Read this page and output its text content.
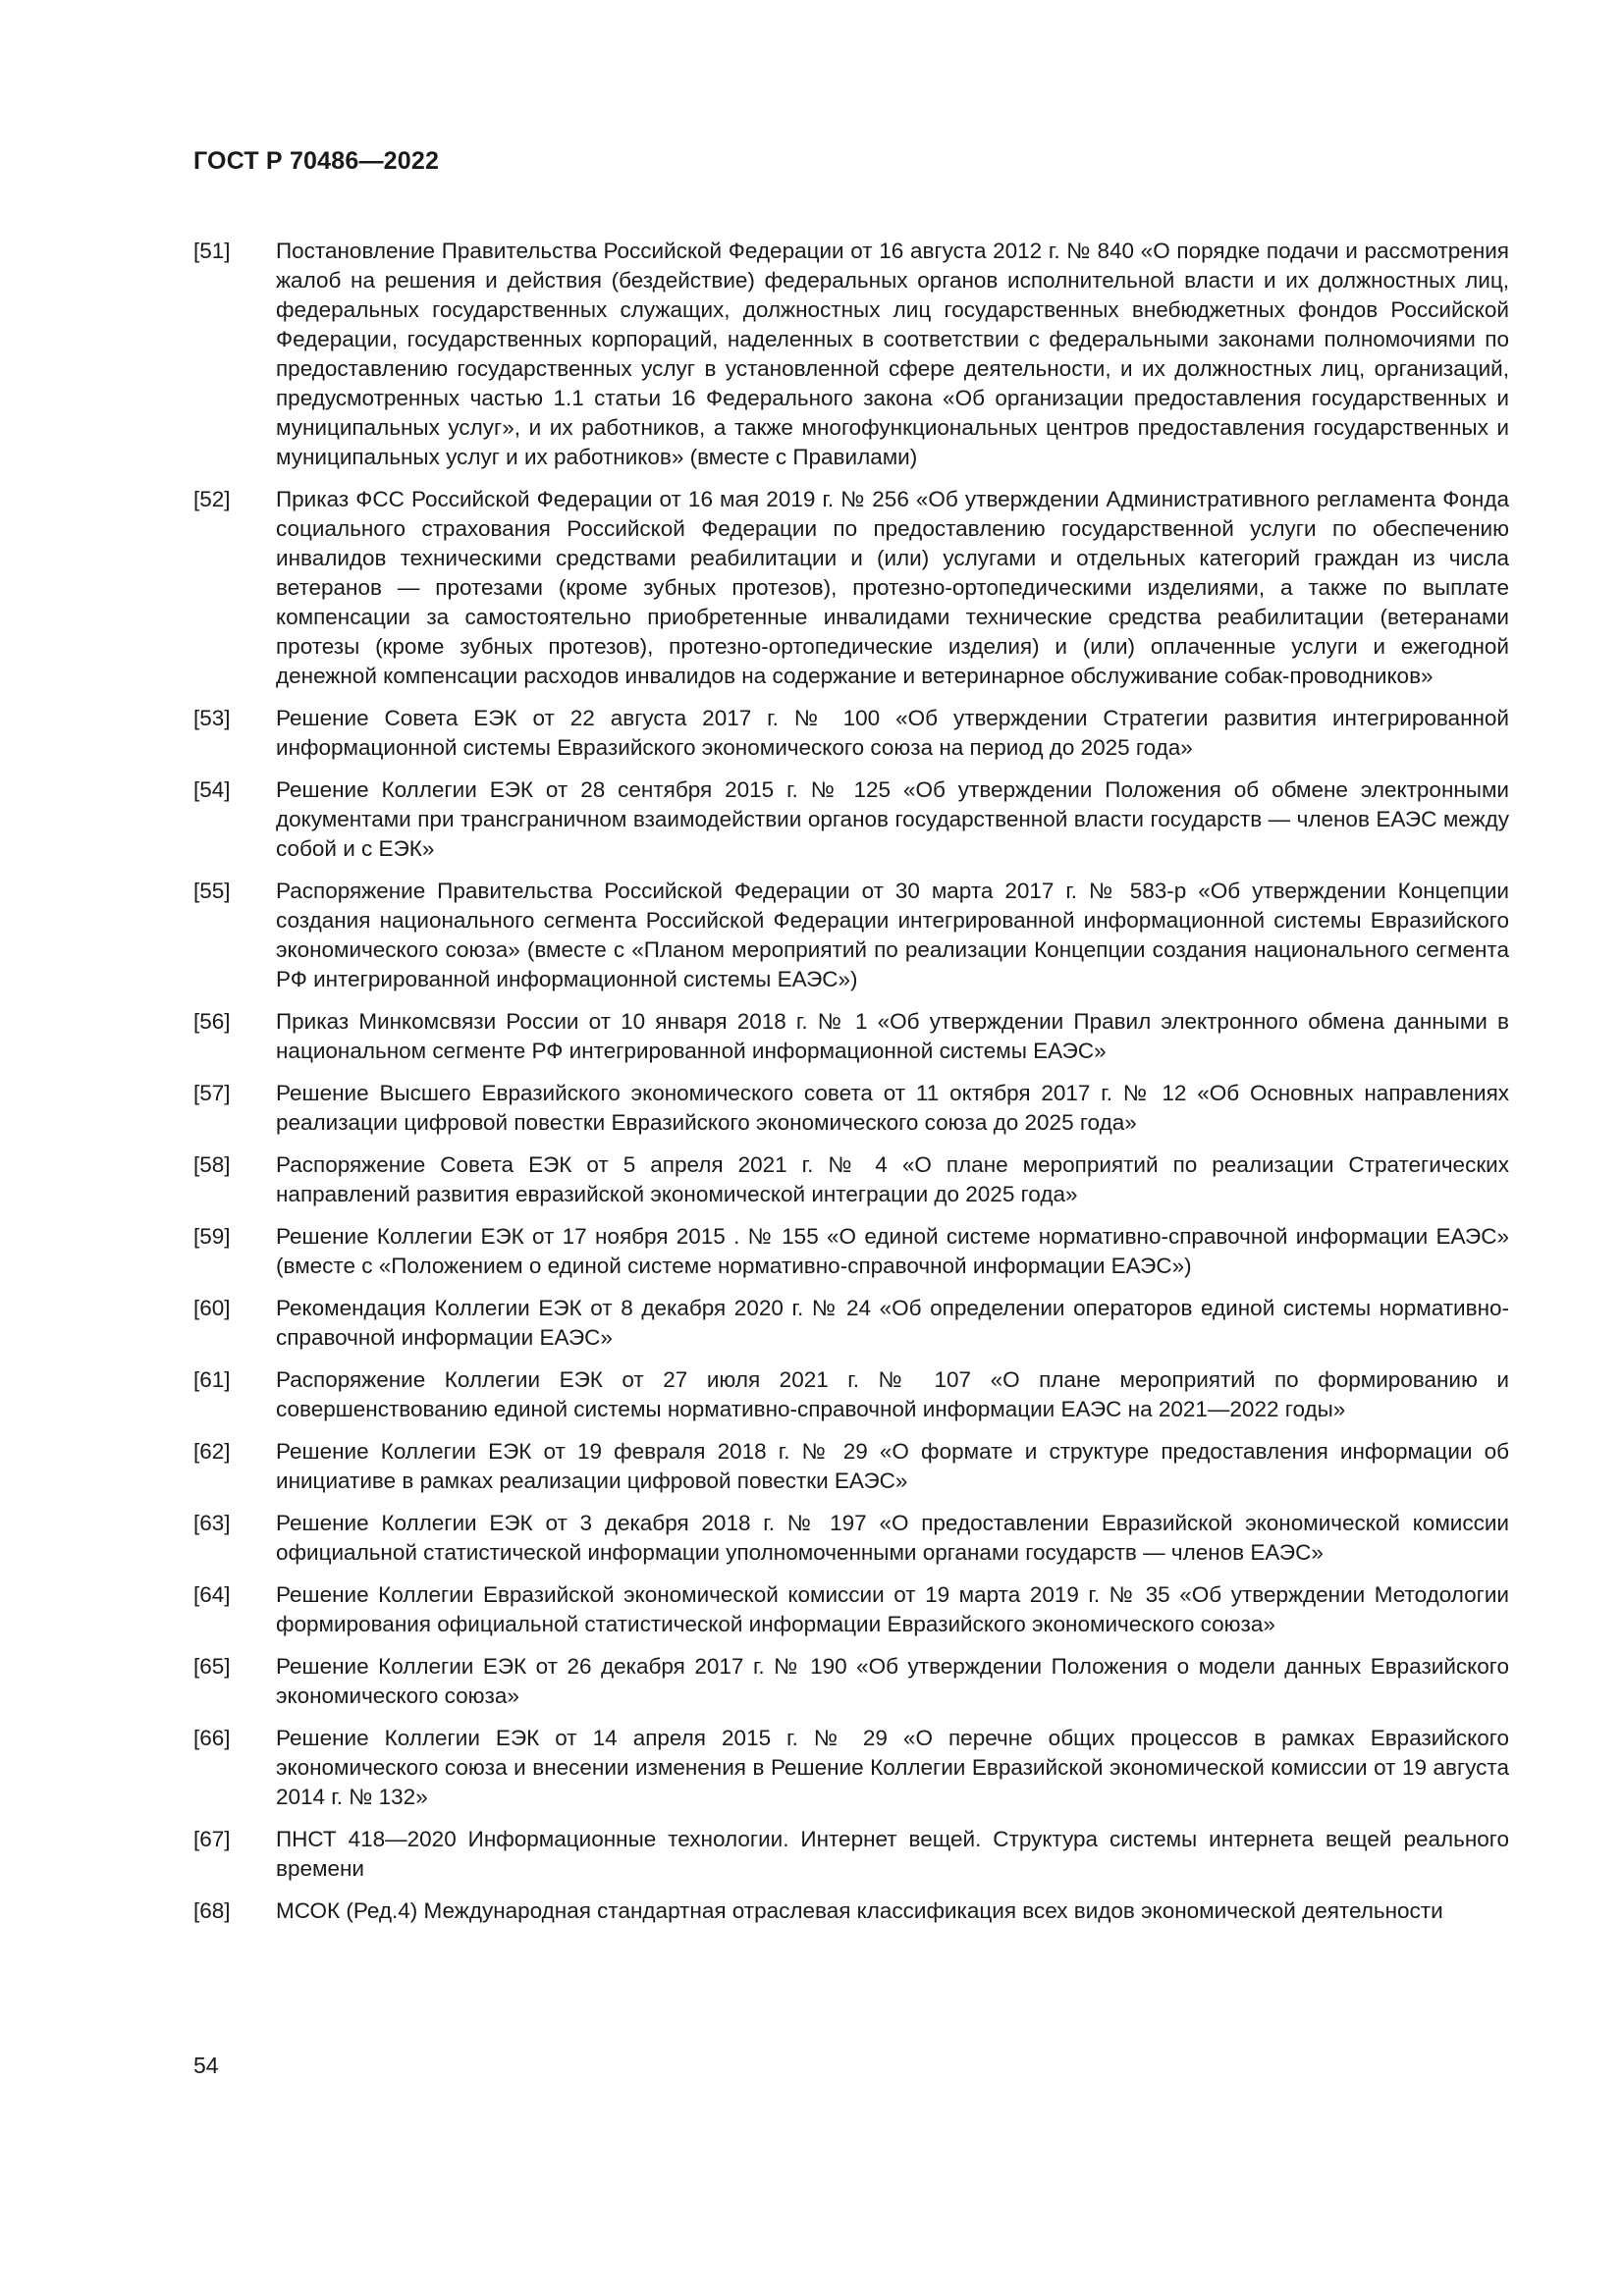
ГОСТ Р 70486—2022
[51]	Постановление Правительства Российской Федерации от 16 августа 2012 г. № 840 «О порядке подачи и рассмотрения жалоб на решения и действия (бездействие) федеральных органов исполнительной власти и их должностных лиц, федеральных государственных служащих, должностных лиц государственных внебюджетных фондов Российской Федерации, государственных корпораций, наделенных в соответствии с федеральными законами полномочиями по предоставлению государственных услуг в установленной сфере деятельности, и их должностных лиц, организаций, предусмотренных частью 1.1 статьи 16 Федерального закона «Об организации предоставления государственных и муниципальных услуг», и их работников, а также многофункциональных центров предоставления государственных и муниципальных услуг и их работников» (вместе с Правилами)
[52]	Приказ ФСС Российской Федерации от 16 мая 2019 г. № 256 «Об утверждении Административного регламента Фонда социального страхования Российской Федерации по предоставлению государственной услуги по обеспечению инвалидов техническими средствами реабилитации и (или) услугами и отдельных категорий граждан из числа ветеранов — протезами (кроме зубных протезов), протезно-ортопедическими изделиями, а также по выплате компенсации за самостоятельно приобретенные инвалидами технические средства реабилитации (ветеранами протезы (кроме зубных протезов), протезно-ортопедические изделия) и (или) оплаченные услуги и ежегодной денежной компенсации расходов инвалидов на содержание и ветеринарное обслуживание собак-проводников»
[53]	Решение Совета ЕЭК от 22 августа 2017 г. № 100 «Об утверждении Стратегии развития интегрированной информационной системы Евразийского экономического союза на период до 2025 года»
[54]	Решение Коллегии ЕЭК от 28 сентября 2015 г. № 125 «Об утверждении Положения об обмене электронными документами при трансграничном взаимодействии органов государственной власти государств — членов ЕАЭС между собой и с ЕЭК»
[55]	Распоряжение Правительства Российской Федерации от 30 марта 2017 г. № 583-р «Об утверждении Концепции создания национального сегмента Российской Федерации интегрированной информационной системы Евразийского экономического союза» (вместе с «Планом мероприятий по реализации Концепции создания национального сегмента РФ интегрированной информационной системы ЕАЭС»)
[56]	Приказ Минкомсвязи России от 10 января 2018 г. № 1 «Об утверждении Правил электронного обмена данными в национальном сегменте РФ интегрированной информационной системы ЕАЭС»
[57]	Решение Высшего Евразийского экономического совета от 11 октября 2017 г. № 12 «Об Основных направлениях реализации цифровой повестки Евразийского экономического союза до 2025 года»
[58]	Распоряжение Совета ЕЭК от 5 апреля 2021 г. № 4 «О плане мероприятий по реализации Стратегических направлений развития евразийской экономической интеграции до 2025 года»
[59]	Решение Коллегии ЕЭК от 17 ноября 2015 . № 155 «О единой системе нормативно-справочной информации ЕАЭС» (вместе с «Положением о единой системе нормативно-справочной информации ЕАЭС»)
[60]	Рекомендация Коллегии ЕЭК от 8 декабря 2020 г. № 24 «Об определении операторов единой системы нормативно-справочной информации ЕАЭС»
[61]	Распоряжение Коллегии ЕЭК от 27 июля 2021 г. № 107 «О плане мероприятий по формированию и совершенствованию единой системы нормативно-справочной информации ЕАЭС на 2021—2022 годы»
[62]	Решение Коллегии ЕЭК от 19 февраля 2018 г. № 29 «О формате и структуре предоставления информации об инициативе в рамках реализации цифровой повестки ЕАЭС»
[63]	Решение Коллегии ЕЭК от 3 декабря 2018 г. № 197 «О предоставлении Евразийской экономической комиссии официальной статистической информации уполномоченными органами государств — членов ЕАЭС»
[64]	Решение Коллегии Евразийской экономической комиссии от 19 марта 2019 г. № 35 «Об утверждении Методологии формирования официальной статистической информации Евразийского экономического союза»
[65]	Решение Коллегии ЕЭК от 26 декабря 2017 г. № 190 «Об утверждении Положения о модели данных Евразийского экономического союза»
[66]	Решение Коллегии ЕЭК от 14 апреля 2015 г. № 29 «О перечне общих процессов в рамках Евразийского экономического союза и внесении изменения в Решение Коллегии Евразийской экономической комиссии от 19 августа 2014 г. № 132»
[67]	ПНСТ 418—2020 Информационные технологии. Интернет вещей. Структура системы интернета вещей реального времени
[68]	МСОК (Ред.4) Международная стандартная отраслевая классификация всех видов экономической деятельности

54
